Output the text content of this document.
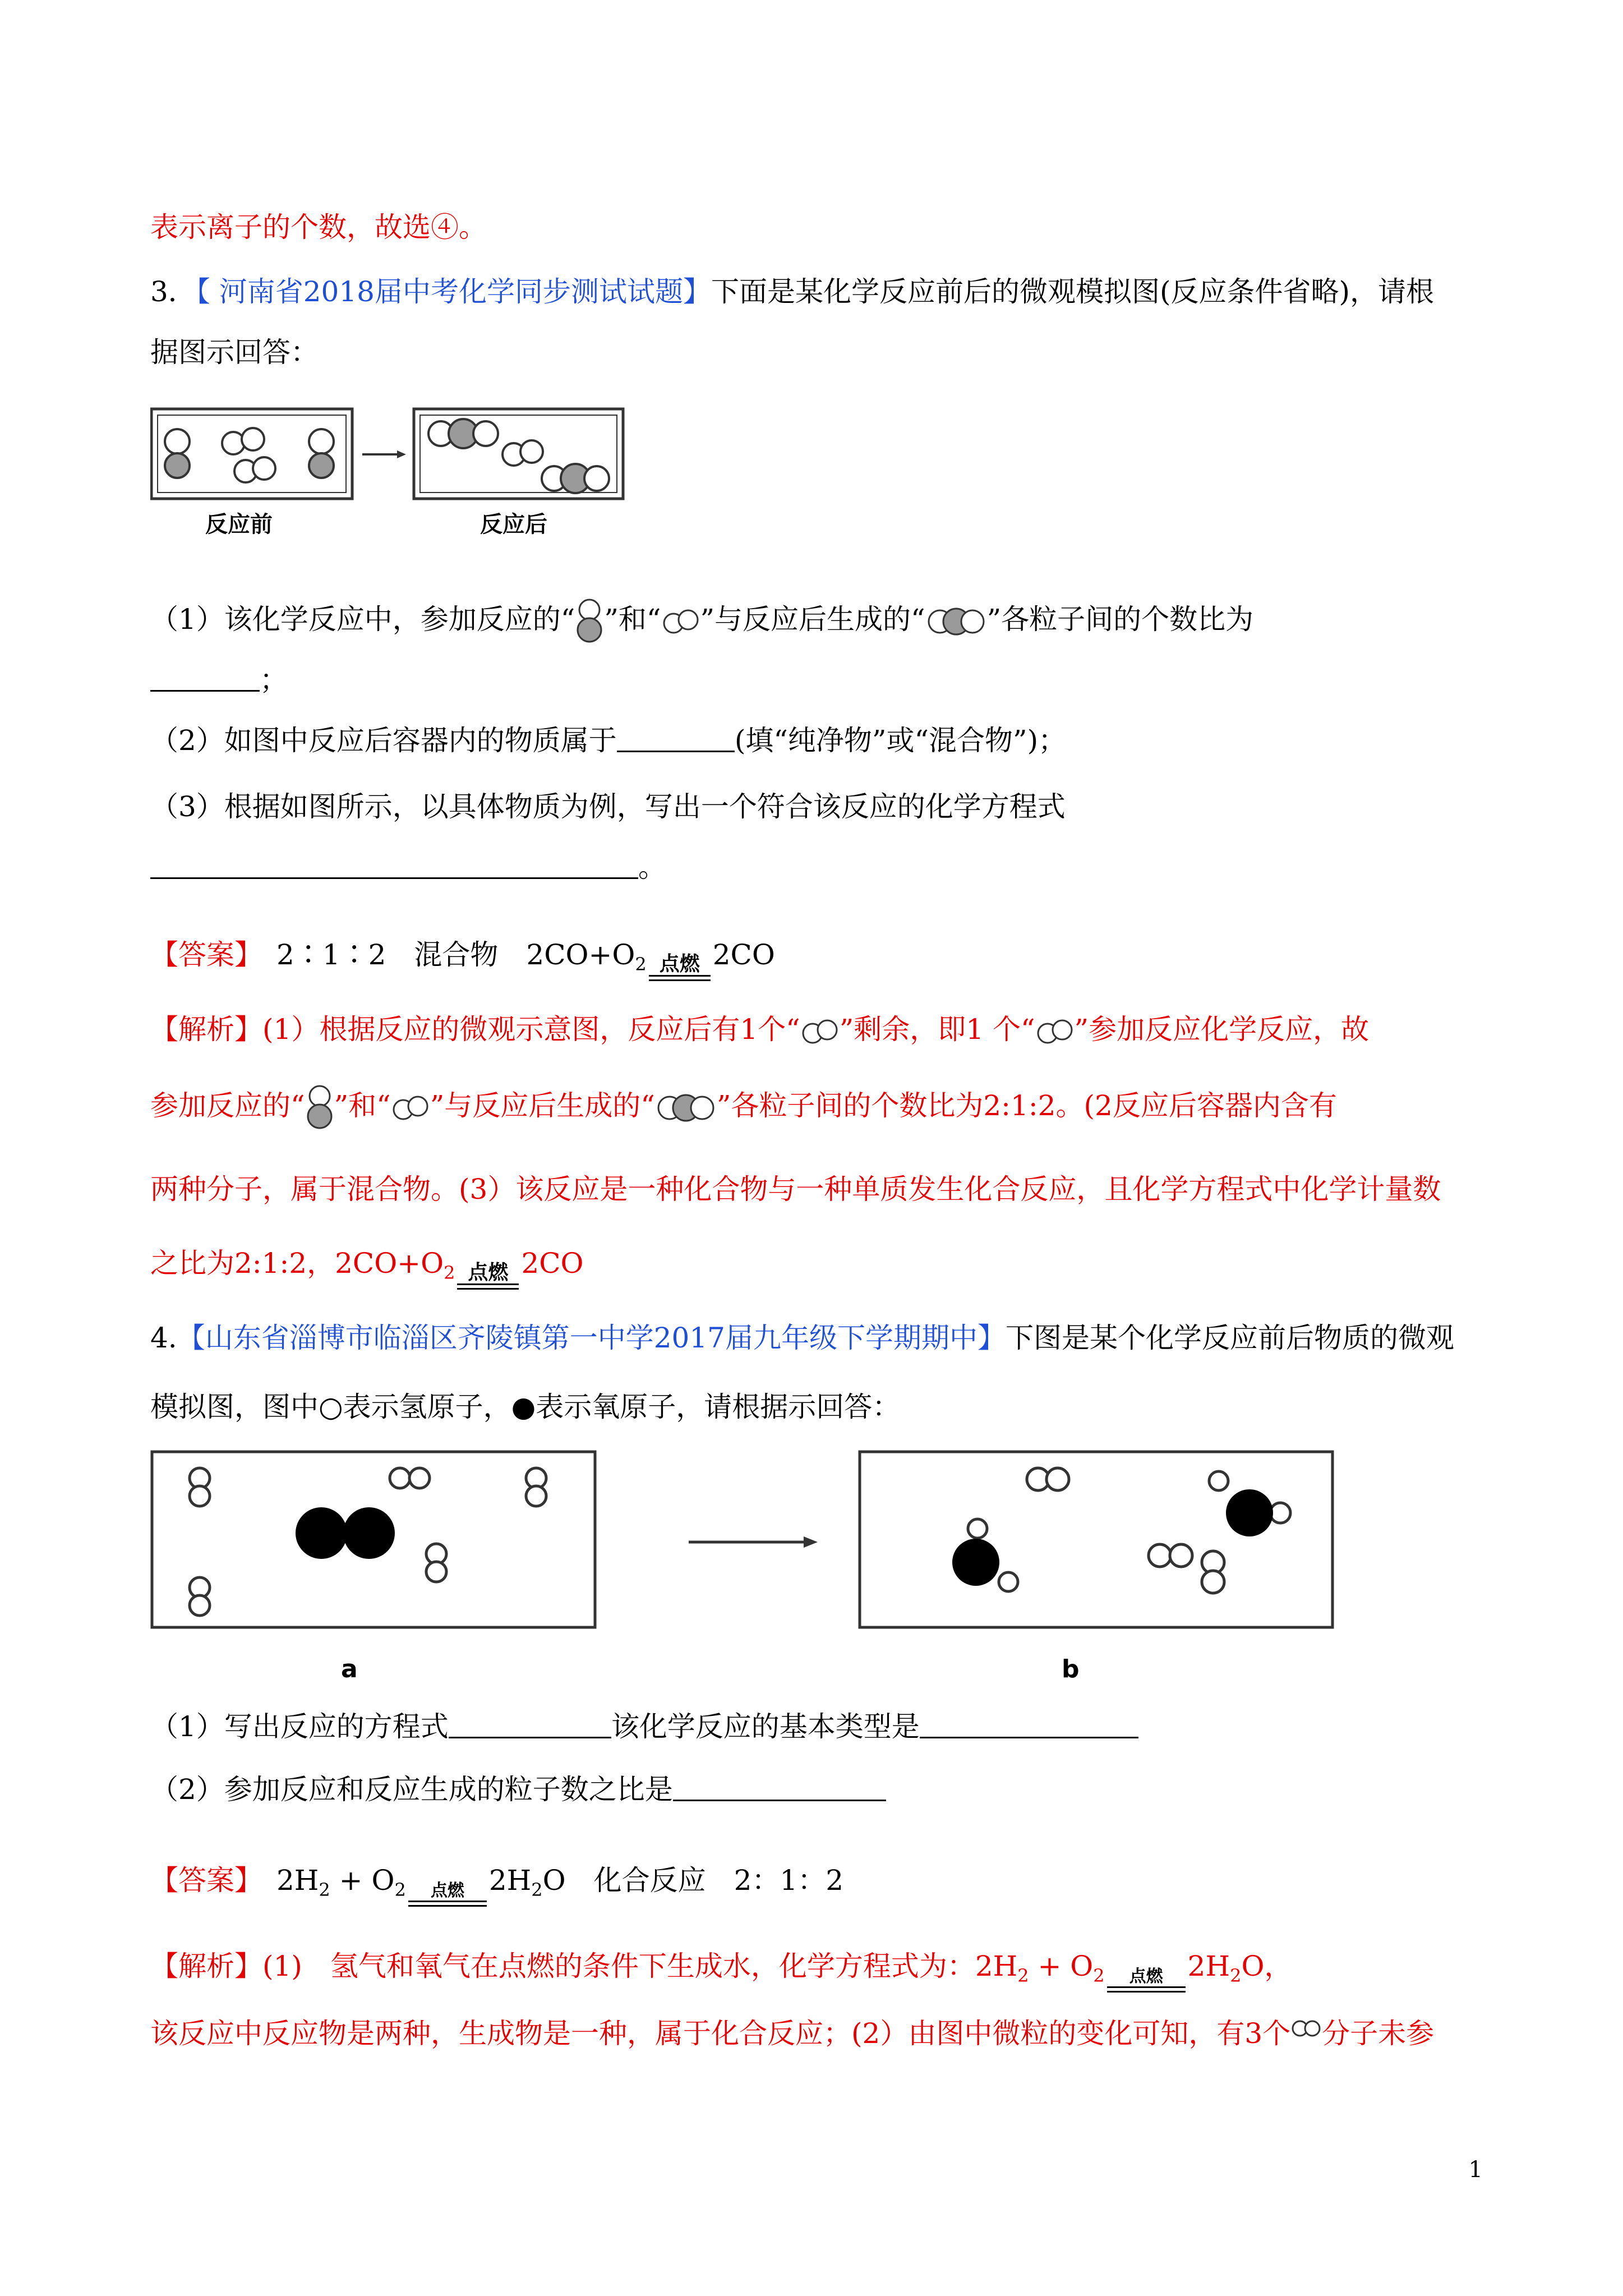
表示离子的个数，故选④。
3．【 河南省2018届中考化学同步测试试题】下面是某化学反应前后的微观模拟图(反应条件省略)，请根
据图示回答：
反应前	反应后
（1）该化学反应中，参加反应的“ ”和“ ”与反应后生成的“ ”各粒子间的个数比为
；
（2）如图中反应后容器内的物质属于	(填“纯净物”或“混合物”)；
（3）根据如图所示，以具体物质为例，写出一个符合该反应的化学方程式
。
【答案】　 2∶1∶2　混合物　$2CO+O_2$ 点燃 2CO
【解析】(1）根据反应的微观示意图，反应后有1个“ ”剩余，即1 个“ ”参加反应化学反应，故
参加反应的“ ”和“ ”与反应后生成的“ ”各粒子间的个数比为2:1:2。(2反应后容器内含有
两种分子，属于混合物。(3）该反应是一种化合物与一种单质发生化合反应，且化学方程式中化学计量数
之比为2:1:2，$2CO+O_2$ 点燃 2CO
4.【山东省淄博市临淄区齐陵镇第一中学2017届九年级下学期期中】下图是某个化学反应前后物质的微观
模拟图，图中○表示氢原子，●表示氧原子，请根据示回答：
a	b
（1）写出反应的方程式	该化学反应的基本类型是
（2）参加反应和反应生成的粒子数之比是
【答案】　 $2H_2 + O_2$	点燃 $2H_2O$　化合反应　2：1：2
【解析】(1)　氢气和氧气在点燃的条件下生成水，化学方程式为：$2H_2 + O_2$	点燃 $2H_2O$，
该反应中反应物是两种，生成物是一种，属于化合反应；(2）由图中微粒的变化可知，有3个 分子未参
1
